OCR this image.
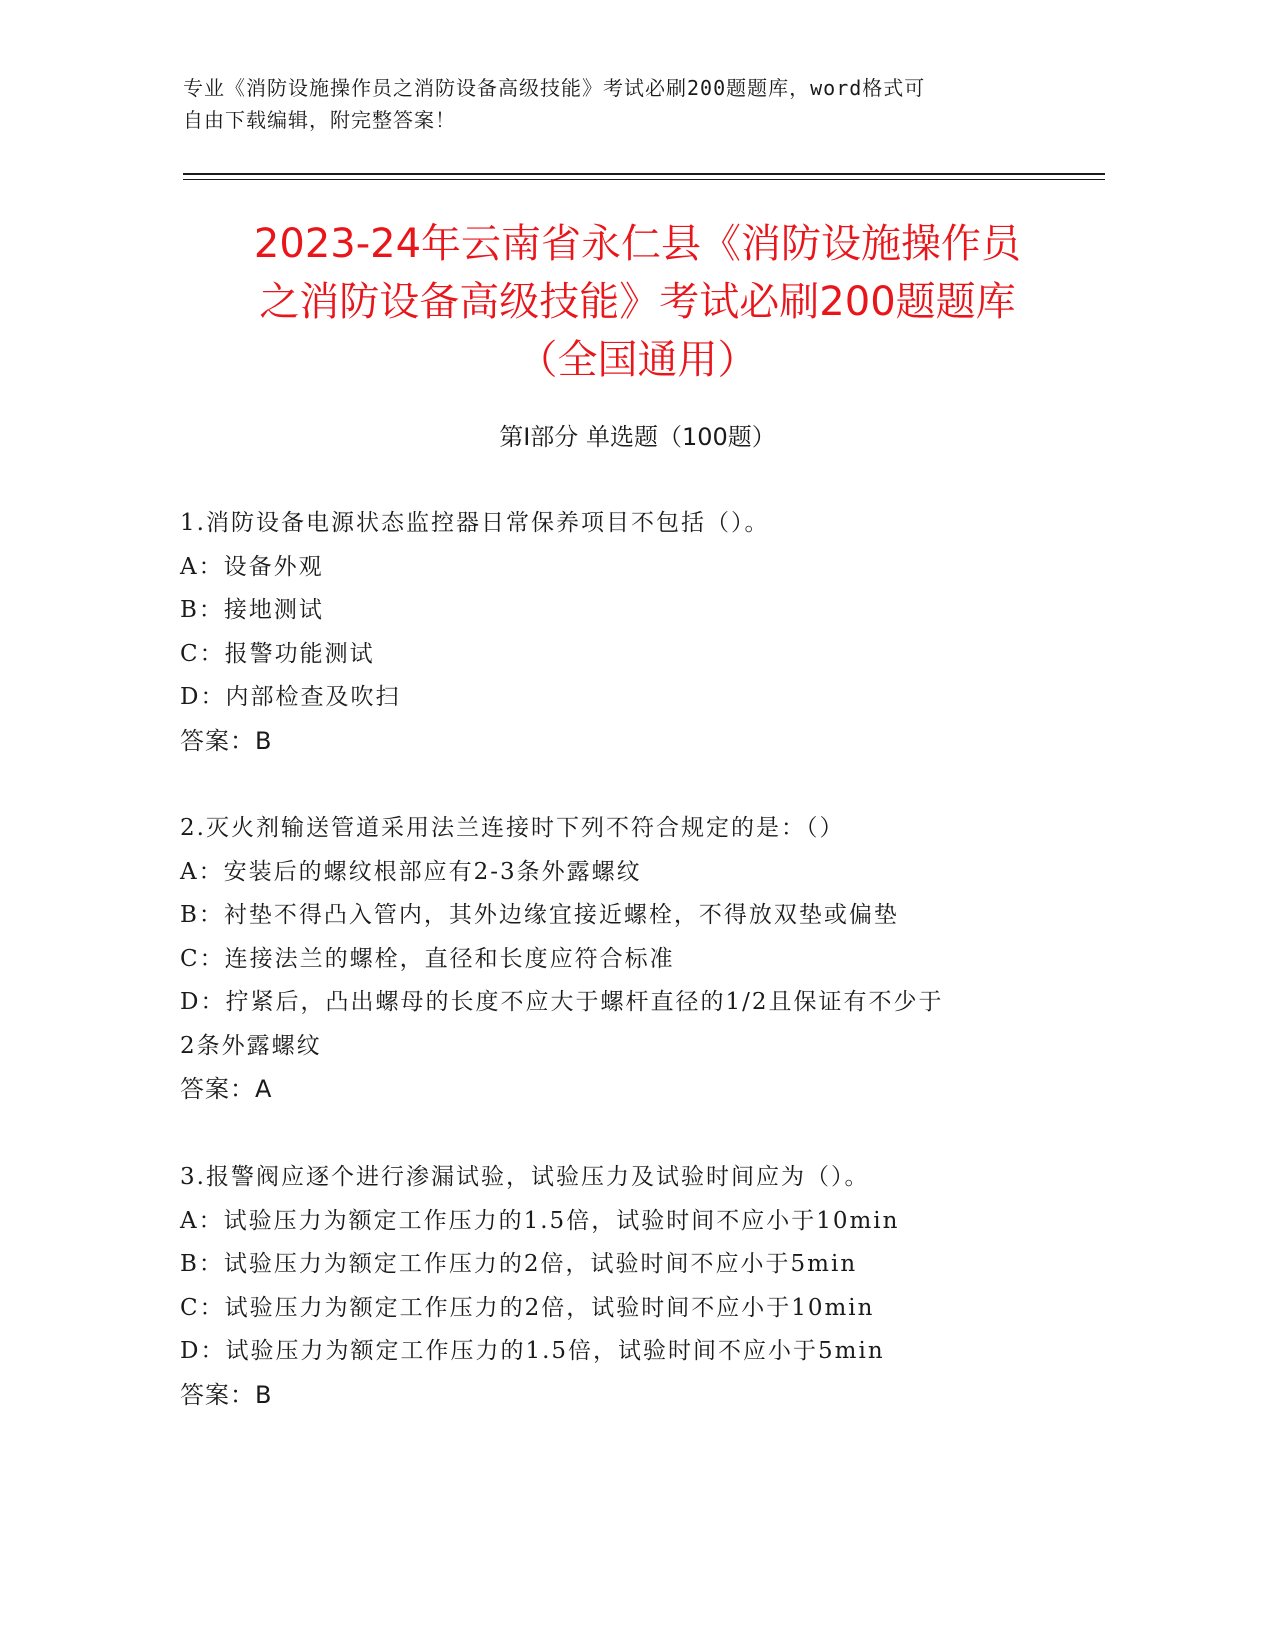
专业《消防设施操作员之消防设备高级技能》考试必刷200题题库，word格式可
自由下载编辑，附完整答案！
2023-24年云南省永仁县《消防设施操作员
之消防设备高级技能》考试必刷200题题库
（全国通用）
第Ⅰ部分 单选题（100题）
1.消防设备电源状态监控器日常保养项目不包括（）。
A：设备外观
B：接地测试
C：报警功能测试
D：内部检查及吹扫
答案：B
2.灭火剂输送管道采用法兰连接时下列不符合规定的是：（）
A：安装后的螺纹根部应有2-3条外露螺纹
B：衬垫不得凸入管内，其外边缘宜接近螺栓，不得放双垫或偏垫
C：连接法兰的螺栓，直径和长度应符合标准
D：拧紧后，凸出螺母的长度不应大于螺杆直径的1/2且保证有不少于
2条外露螺纹
答案：A
3.报警阀应逐个进行渗漏试验，试验压力及试验时间应为（）。
A：试验压力为额定工作压力的1.5倍，试验时间不应小于10min
B：试验压力为额定工作压力的2倍，试验时间不应小于5min
C：试验压力为额定工作压力的2倍，试验时间不应小于10min
D：试验压力为额定工作压力的1.5倍，试验时间不应小于5min
答案：B
